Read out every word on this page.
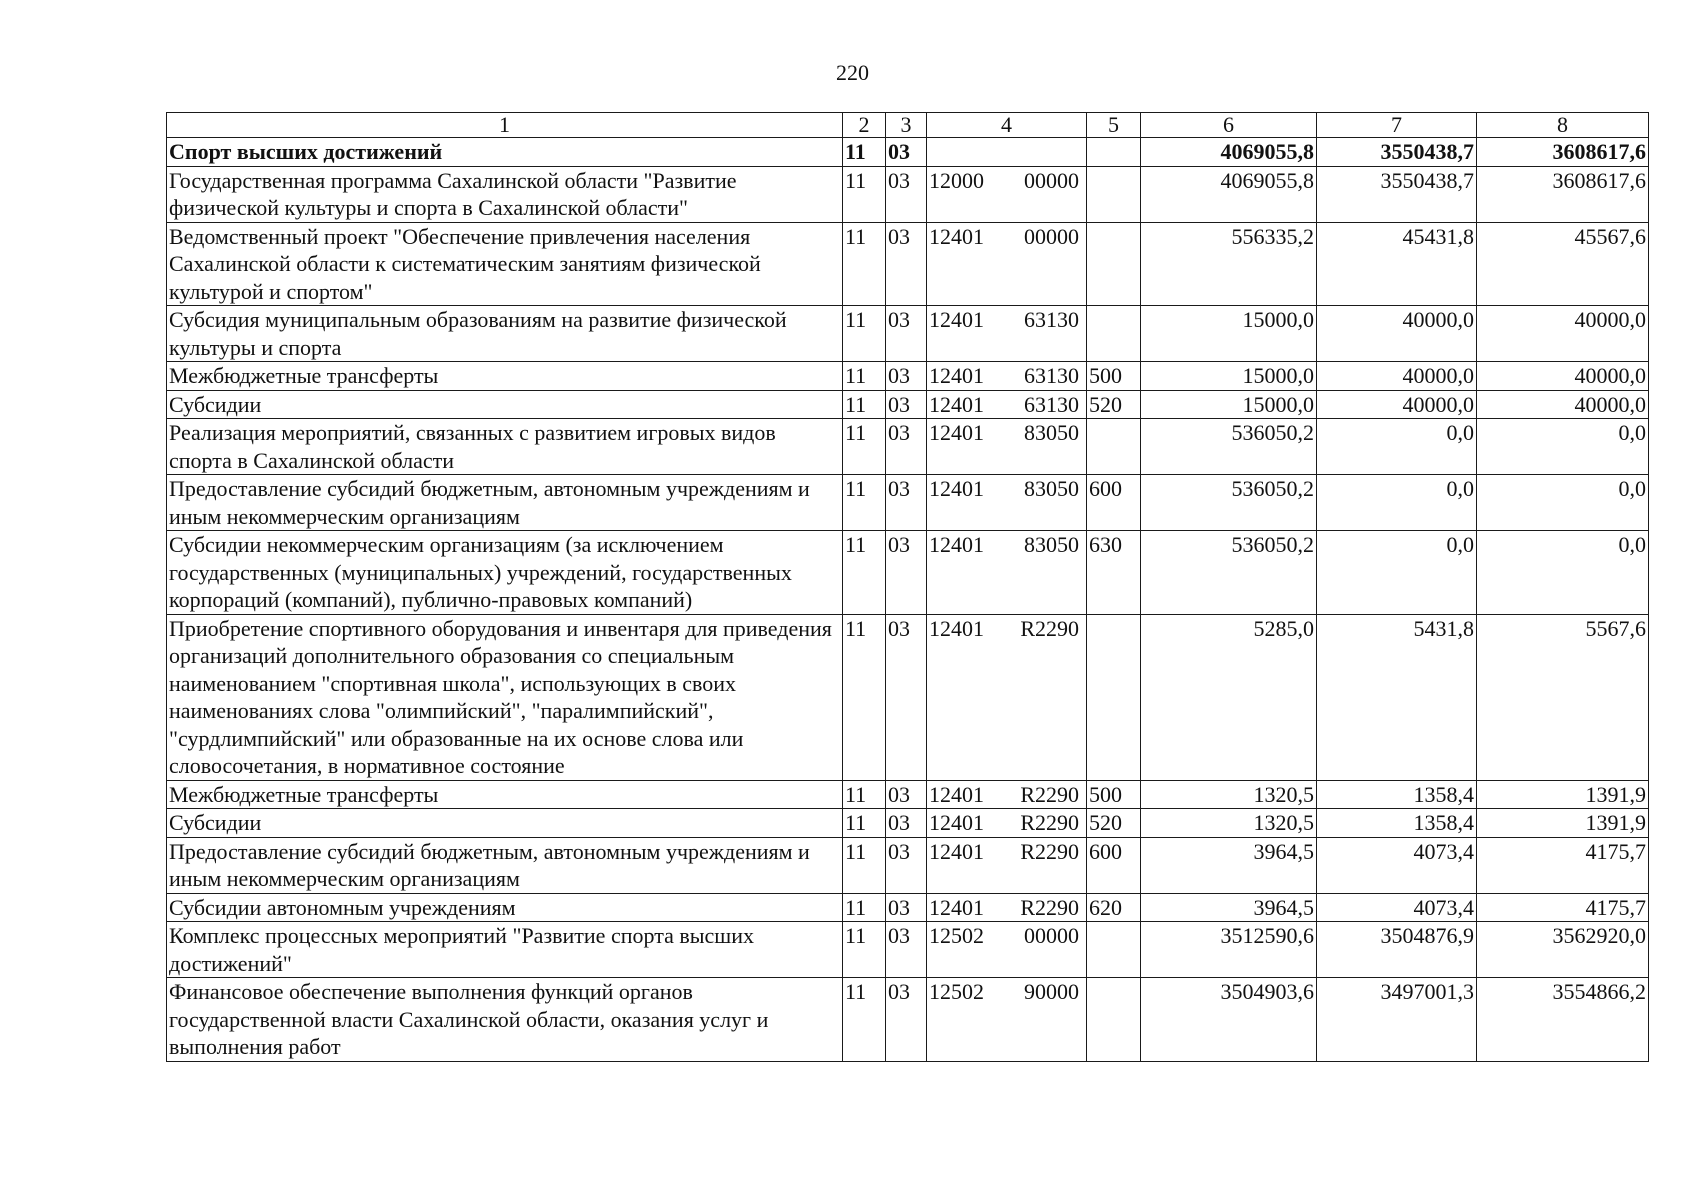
220
1	2	3	4	5	6	7	8
Спорт высших достижений	11	03			4069055,8	3550438,7	3608617,6
Государственная программа Сахалинской области "Развитие физической культуры и спорта в Сахалинской области"	11	03	12000 00000		4069055,8	3550438,7	3608617,6
Ведомственный проект "Обеспечение привлечения населения Сахалинской области к систематическим занятиям физической культурой и спортом"	11	03	12401 00000		556335,2	45431,8	45567,6
Субсидия муниципальным образованиям на развитие физической культуры и спорта	11	03	12401 63130		15000,0	40000,0	40000,0
Межбюджетные трансферты	11	03	12401 63130	500	15000,0	40000,0	40000,0
Субсидии	11	03	12401 63130	520	15000,0	40000,0	40000,0
Реализация мероприятий, связанных с развитием игровых видов спорта в Сахалинской области	11	03	12401 83050		536050,2	0,0	0,0
Предоставление субсидий бюджетным, автономным учреждениям и иным некоммерческим организациям	11	03	12401 83050	600	536050,2	0,0	0,0
Субсидии некоммерческим организациям (за исключением государственных (муниципальных) учреждений, государственных корпораций (компаний), публично-правовых компаний)	11	03	12401 83050	630	536050,2	0,0	0,0
Приобретение спортивного оборудования и инвентаря для приведения организаций дополнительного образования со специальным наименованием "спортивная школа", использующих в своих наименованиях слова "олимпийский", "паралимпийский", "сурдлимпийский" или образованные на их основе слова или словосочетания, в нормативное состояние	11	03	12401 R2290		5285,0	5431,8	5567,6
Межбюджетные трансферты	11	03	12401 R2290	500	1320,5	1358,4	1391,9
Субсидии	11	03	12401 R2290	520	1320,5	1358,4	1391,9
Предоставление субсидий бюджетным, автономным учреждениям и иным некоммерческим организациям	11	03	12401 R2290	600	3964,5	4073,4	4175,7
Субсидии автономным учреждениям	11	03	12401 R2290	620	3964,5	4073,4	4175,7
Комплекс процессных мероприятий "Развитие спорта высших достижений"	11	03	12502 00000		3512590,6	3504876,9	3562920,0
Финансовое обеспечение выполнения функций органов государственной власти Сахалинской области, оказания услуг и выполнения работ	11	03	12502 90000		3504903,6	3497001,3	3554866,2
